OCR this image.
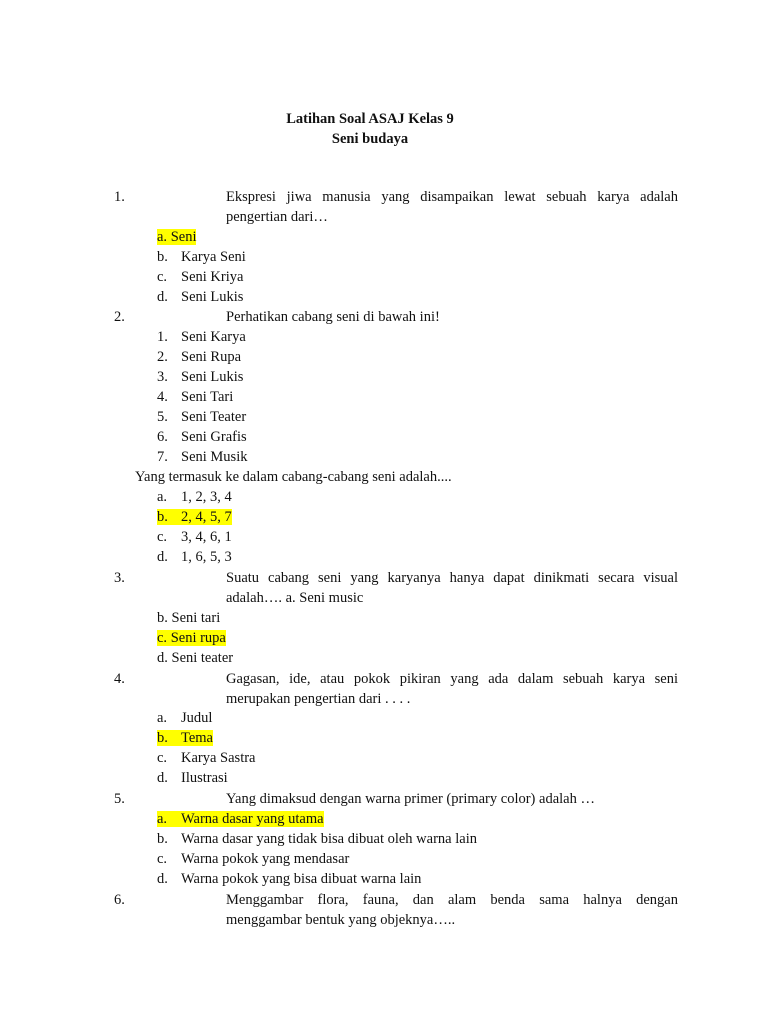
Latihan Soal ASAJ Kelas 9
Seni budaya
1.	Ekspresi jiwa manusia yang disampaikan lewat sebuah karya adalah
pengertian dari…
a. Seni
b. Karya Seni
c. Seni Kriya
d. Seni Lukis
2.	Perhatikan cabang seni di bawah ini!
1. Seni Karya
2. Seni Rupa
3. Seni Lukis
4. Seni Tari
5. Seni Teater
6. Seni Grafis
7. Seni Musik
Yang termasuk ke dalam cabang-cabang seni adalah....
a. 1, 2, 3, 4
b. 2, 4, 5, 7
c. 3, 4, 6, 1
d. 1, 6, 5, 3
3.	Suatu cabang seni yang karyanya hanya dapat dinikmati secara visual
adalah…. a. Seni music
b. Seni tari
c. Seni rupa
d. Seni teater
4.	Gagasan, ide, atau pokok pikiran yang ada dalam sebuah karya seni
merupakan pengertian dari . . . .
a. Judul
b. Tema
c. Karya Sastra
d. Ilustrasi
5.	Yang dimaksud dengan warna primer (primary color) adalah …
a. Warna dasar yang utama
b. Warna dasar yang tidak bisa dibuat oleh warna lain
c. Warna pokok yang mendasar
d. Warna pokok yang bisa dibuat warna lain
6.	Menggambar flora, fauna, dan alam benda sama halnya dengan
menggambar bentuk yang objeknya…..
